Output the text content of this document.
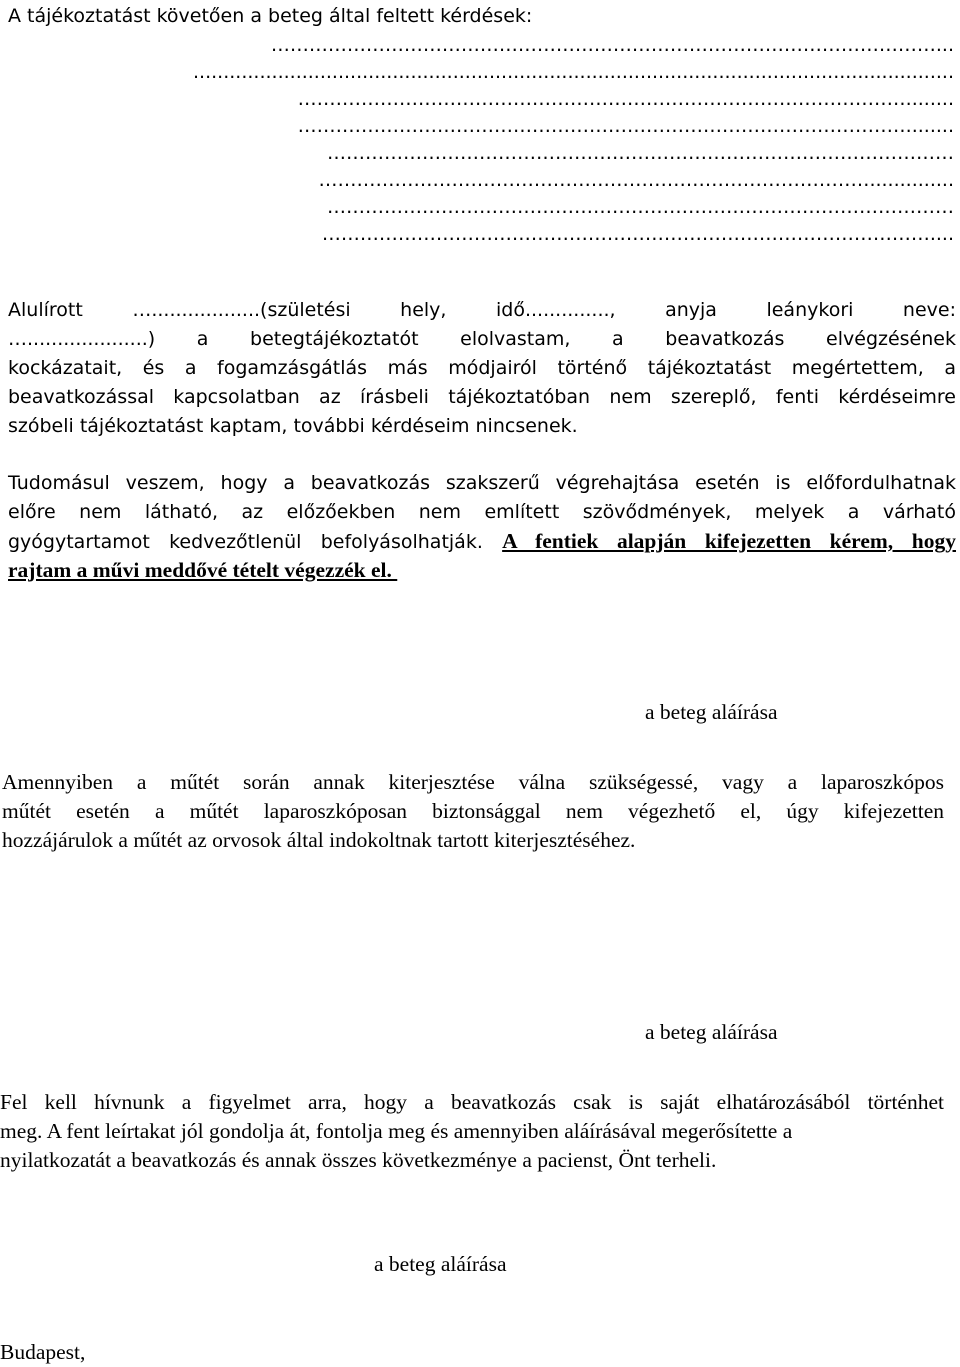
A tájékoztatást követően a beteg által feltett kérdések:
……………………………………………………………………………………………...
..............................................................................................................................
……………………………………………………………………………………........
……………………………………………………………………………………........
………………………………………………………………………………………
……………………………………………………………………………..............
………………………………………………………………………………………
……………………………………………………………………………………....
Alulírott …..................(születési hely, idő.............., anyja leánykori neve:
…....................) a betegtájékoztatót elolvastam, a beavatkozás elvégzésének
kockázatait, és a fogamzásgátlás más módjairól történő tájékoztatást megértettem, a
beavatkozással kapcsolatban az írásbeli tájékoztatóban nem szereplő, fenti kérdéseimre
szóbeli tájékoztatást kaptam, további kérdéseim nincsenek.
Tudomásul veszem, hogy a beavatkozás szakszerű végrehajtása esetén is előfordulhatnak
előre nem látható, az előzőekben nem említett szövődmények, melyek a várható
gyógytartamot kedvezőtlenül befolyásolhatják. A fentiek alapján kifejezetten kérem, hogy
rajtam a művi meddővé tételt végezzék el.
a beteg aláírása
Amennyiben a műtét során annak kiterjesztése válna szükségessé, vagy a laparoszkópos
műtét esetén a műtét laparoszkóposan biztonsággal nem végezhető el, úgy kifejezetten
hozzájárulok a műtét az orvosok által indokoltnak tartott kiterjesztéséhez.
a beteg aláírása
Fel kell hívnunk a figyelmet arra, hogy a beavatkozás csak is saját elhatározásából történhet
meg. A fent leírtakat jól gondolja át, fontolja meg és amennyiben aláírásával megerősítette a
nyilatkozatát a beavatkozás és annak összes következménye a pacienst, Önt terheli.
a beteg aláírása
Budapest,
